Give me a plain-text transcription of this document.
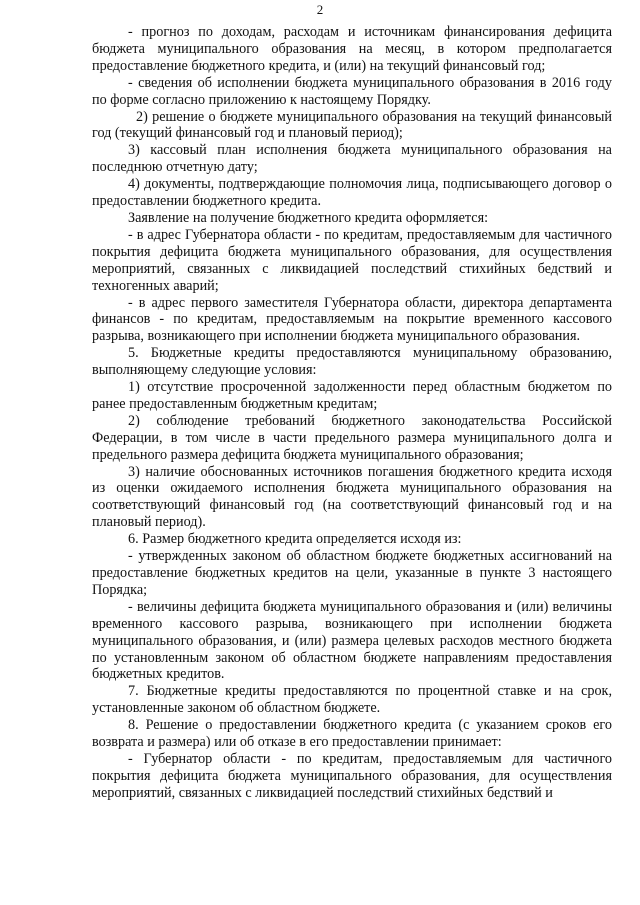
2

- прогноз по доходам, расходам и источникам финансирования дефицита бюджета муниципального образования на месяц, в котором предполагается предоставление бюджетного кредита, и (или) на текущий финансовый год;

- сведения об исполнении бюджета муниципального образования в 2016 году по форме согласно приложению к настоящему Порядку.

2) решение о бюджете муниципального образования на текущий финансовый год (текущий финансовый год и плановый период);

3) кассовый план исполнения бюджета муниципального образования на последнюю отчетную дату;

4) документы, подтверждающие полномочия лица, подписывающего договор о предоставлении бюджетного кредита.

Заявление на получение бюджетного кредита оформляется:

- в адрес Губернатора области - по кредитам, предоставляемым для частичного покрытия дефицита бюджета муниципального образования, для осуществления мероприятий, связанных с ликвидацией последствий стихийных бедствий и техногенных аварий;

- в адрес первого заместителя Губернатора области, директора департамента финансов - по кредитам, предоставляемым на покрытие временного кассового разрыва, возникающего при исполнении бюджета муниципального образования.

5. Бюджетные кредиты предоставляются муниципальному образованию, выполняющему следующие условия:

1) отсутствие просроченной задолженности перед областным бюджетом по ранее предоставленным бюджетным кредитам;

2) соблюдение требований бюджетного законодательства Российской Федерации, в том числе в части предельного размера муниципального долга и предельного размера дефицита бюджета муниципального образования;

3) наличие обоснованных источников погашения бюджетного кредита исходя из оценки ожидаемого исполнения бюджета муниципального образования на соответствующий финансовый год (на соответствующий финансовый год и на плановый период).

6. Размер бюджетного кредита определяется исходя из:

- утвержденных законом об областном бюджете бюджетных ассигнований на предоставление бюджетных кредитов на цели, указанные в пункте 3 настоящего Порядка;

- величины дефицита бюджета муниципального образования и (или) величины временного кассового разрыва, возникающего при исполнении бюджета муниципального образования, и (или) размера целевых расходов местного бюджета по установленным законом об областном бюджете направлениям предоставления бюджетных кредитов.

7. Бюджетные кредиты предоставляются по процентной ставке и на срок, установленные законом об областном бюджете.

8. Решение о предоставлении бюджетного кредита (с указанием сроков его возврата и размера) или об отказе в его предоставлении принимает:

- Губернатор области - по кредитам, предоставляемым для частичного покрытия дефицита бюджета муниципального образования, для осуществления мероприятий, связанных с ликвидацией последствий стихийных бедствий и
